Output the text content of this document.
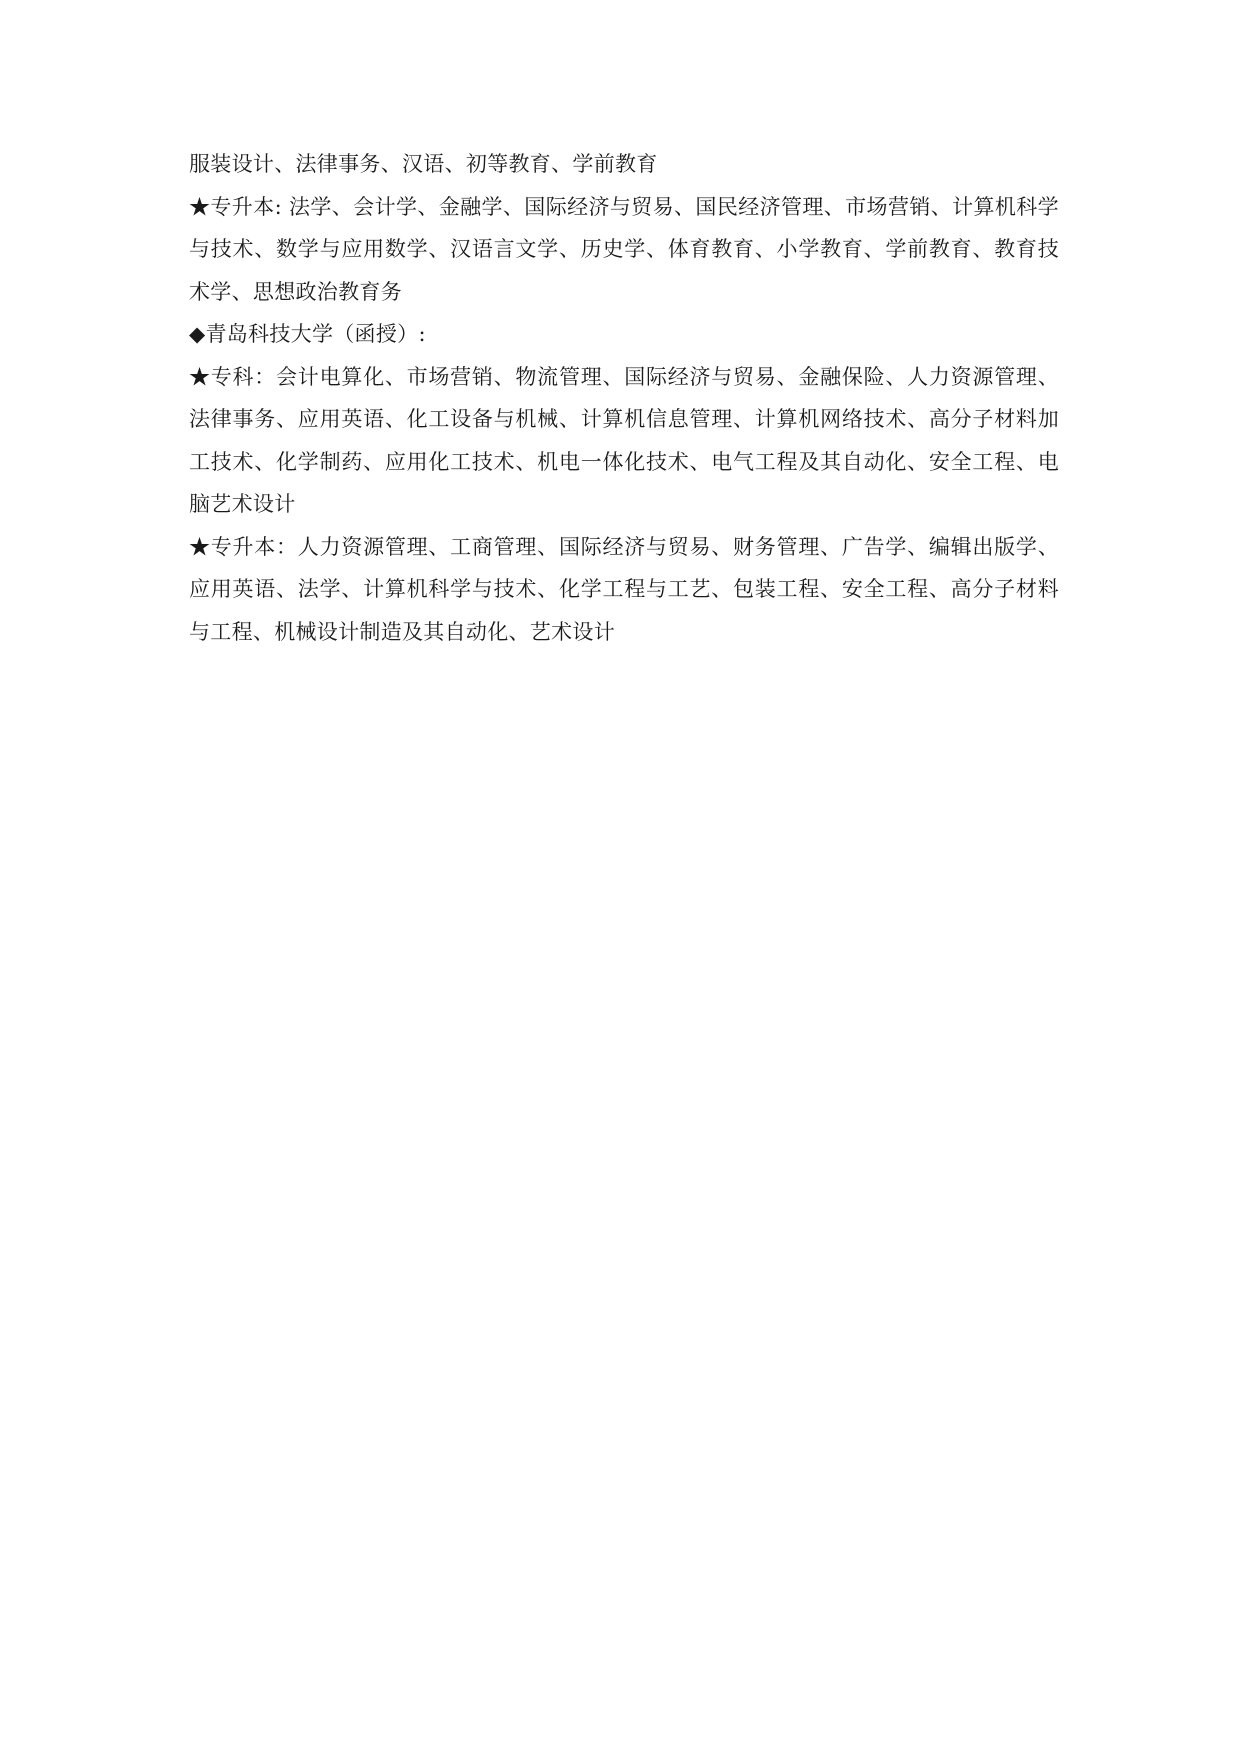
服装设计、法律事务、汉语、初等教育、学前教育

★专升本: 法学、会计学、金融学、国际经济与贸易、国民经济管理、市场营销、计算机科学与技术、数学与应用数学、汉语言文学、历史学、体育教育、小学教育、学前教育、教育技术学、思想政治教育务

◆青岛科技大学（函授）:

★专科：会计电算化、市场营销、物流管理、国际经济与贸易、金融保险、人力资源管理、法律事务、应用英语、化工设备与机械、计算机信息管理、计算机网络技术、高分子材料加工技术、化学制药、应用化工技术、机电一体化技术、电气工程及其自动化、安全工程、电脑艺术设计

★专升本：人力资源管理、工商管理、国际经济与贸易、财务管理、广告学、编辑出版学、应用英语、法学、计算机科学与技术、化学工程与工艺、包装工程、安全工程、高分子材料与工程、机械设计制造及其自动化、艺术设计
